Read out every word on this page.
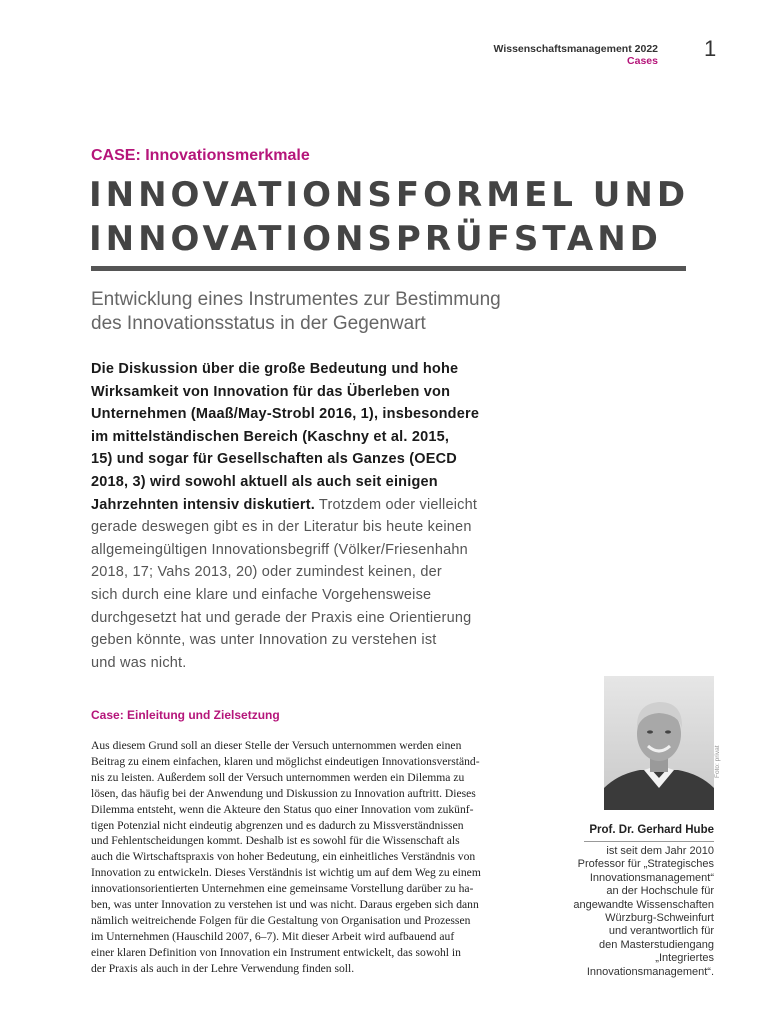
Wissenschaftsmanagement 2022
Cases 1
CASE: Innovationsmerkmale
INNOVATIONSFORMEL UND
INNOVATIONSPRÜFSTAND
Entwicklung eines Instrumentes zur Bestimmung
des Innovationsstatus in der Gegenwart

Die Diskussion über die große Bedeutung und hohe
Wirksamkeit von Innovation für das Überleben von
Unternehmen (Maaß/May-Strobl 2016, 1), insbesondere
im mittelständischen Bereich (Kaschny et al. 2015,
15) und sogar für Gesellschaften als Ganzes (OECD
2018, 3) wird sowohl aktuell als auch seit einigen
Jahrzehnten intensiv diskutiert. Trotzdem oder vielleicht
gerade deswegen gibt es in der Literatur bis heute keinen
allgemeingültigen Innovationsbegriff (Völker/Friesenhahn
2018, 17; Vahs 2013, 20) oder zumindest keinen, der
sich durch eine klare und einfache Vorgehensweise
durchgesetzt hat und gerade der Praxis eine Orientierung
geben könnte, was unter Innovation zu verstehen ist
und was nicht.

Case: Einleitung und Zielsetzung

Aus diesem Grund soll an dieser Stelle der Versuch unternommen werden einen
Beitrag zu einem einfachen, klaren und möglichst eindeutigen Innovationsverständ-
nis zu leisten. Außerdem soll der Versuch unternommen werden ein Dilemma zu
lösen, das häufig bei der Anwendung und Diskussion zu Innovation auftritt. Dieses
Dilemma entsteht, wenn die Akteure den Status quo einer Innovation vom zukünf-
tigen Potenzial nicht eindeutig abgrenzen und es dadurch zu Missverständnissen
und Fehlentscheidungen kommt. Deshalb ist es sowohl für die Wissenschaft als
auch die Wirtschaftspraxis von hoher Bedeutung, ein einheitliches Verständnis von
Innovation zu entwickeln. Dieses Verständnis ist wichtig um auf dem Weg zu einem
innovationsorientierten Unternehmen eine gemeinsame Vorstellung darüber zu ha-
ben, was unter Innovation zu verstehen ist und was nicht. Daraus ergeben sich dann
nämlich weitreichende Folgen für die Gestaltung von Organisation und Prozessen
im Unternehmen (Hauschild 2007, 6–7). Mit dieser Arbeit wird aufbauend auf
einer klaren Definition von Innovation ein Instrument entwickelt, das sowohl in
der Praxis als auch in der Lehre Verwendung finden soll.

Foto: privat
Prof. Dr. Gerhard Hube

ist seit dem Jahr 2010
Professor für „Strategisches
Innovationsmanagement“
an der Hochschule für
angewandte Wissenschaften
Würzburg-Schweinfurt
und verantwortlich für
den Masterstudiengang
„Integriertes
Innovationsmanagement“.
